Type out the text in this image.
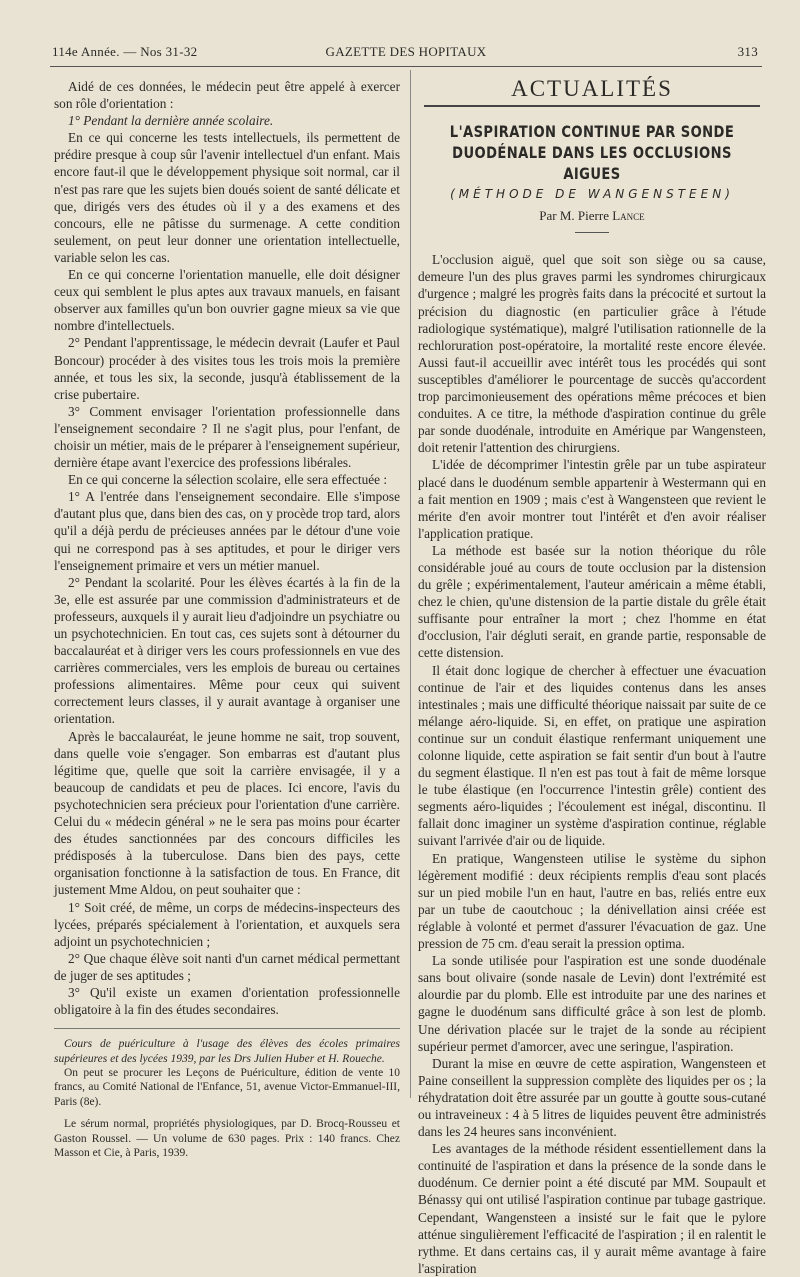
114e Année. — Nos 31-32	GAZETTE DES HOPITAUX	313

Aidé de ces données, le médecin peut être appelé à exercer son rôle d'orientation :

1° Pendant la dernière année scolaire.

En ce qui concerne les tests intellectuels, ils permettent de prédire presque à coup sûr l'avenir intellectuel d'un enfant. Mais encore faut-il que le développement physique soit normal, car il n'est pas rare que les sujets bien doués soient de santé délicate et que, dirigés vers des études où il y a des examens et des concours, elle ne pâtisse du surmenage. A cette condition seulement, on peut leur donner une orientation intellectuelle, variable selon les cas.

En ce qui concerne l'orientation manuelle, elle doit désigner ceux qui semblent le plus aptes aux travaux manuels, en faisant observer aux familles qu'un bon ouvrier gagne mieux sa vie que nombre d'intellectuels.

2° Pendant l'apprentissage, le médecin devrait (Laufer et Paul Boncour) procéder à des visites tous les trois mois la première année, et tous les six, la seconde, jusqu'à établissement de la crise pubertaire.

3° Comment envisager l'orientation professionnelle dans l'enseignement secondaire ? Il ne s'agit plus, pour l'enfant, de choisir un métier, mais de le préparer à l'enseignement supérieur, dernière étape avant l'exercice des professions libérales.

En ce qui concerne la sélection scolaire, elle sera effectuée :

1° A l'entrée dans l'enseignement secondaire. Elle s'impose d'autant plus que, dans bien des cas, on y procède trop tard, alors qu'il a déjà perdu de précieuses années par le détour d'une voie qui ne correspond pas à ses aptitudes, et pour le diriger vers l'enseignement primaire et vers un métier manuel.

2° Pendant la scolarité. Pour les élèves écartés à la fin de la 3e, elle est assurée par une commission d'administrateurs et de professeurs, auxquels il y aurait lieu d'adjoindre un psychiatre ou un psychotechnicien. En tout cas, ces sujets sont à détourner du baccalauréat et à diriger vers les cours professionnels en vue des carrières commerciales, vers les emplois de bureau ou certaines professions alimentaires. Même pour ceux qui suivent correctement leurs classes, il y aurait avantage à organiser une orientation.

Après le baccalauréat, le jeune homme ne sait, trop souvent, dans quelle voie s'engager. Son embarras est d'autant plus légitime que, quelle que soit la carrière envisagée, il y a beaucoup de candidats et peu de places. Ici encore, l'avis du psychotechnicien sera précieux pour l'orientation d'une carrière. Celui du « médecin général » ne le sera pas moins pour écarter des études sanctionnées par des concours difficiles les prédisposés à la tuberculose. Dans bien des pays, cette organisation fonctionne à la satisfaction de tous. En France, dit justement Mme Aldou, on peut souhaiter que :

1° Soit créé, de même, un corps de médecins-inspecteurs des lycées, préparés spécialement à l'orientation, et auxquels sera adjoint un psychotechnicien ;

2° Que chaque élève soit nanti d'un carnet médical permettant de juger de ses aptitudes ;

3° Qu'il existe un examen d'orientation professionnelle obligatoire à la fin des études secondaires.

Cours de puériculture à l'usage des élèves des écoles primaires supérieures et des lycées 1939, par les Drs Julien Huber et H. Roueche.

On peut se procurer les Leçons de Puériculture, édition de vente 10 francs, au Comité National de l'Enfance, 51, avenue Victor-Emmanuel-III, Paris (8e).

Le sérum normal, propriétés physiologiques, par D. Brocq-Rousseu et Gaston Roussel. — Un volume de 630 pages. Prix : 140 francs. Chez Masson et Cie, à Paris, 1939.

ACTUALITÉS
L'ASPIRATION CONTINUE PAR SONDE DUODÉNALE DANS LES OCCLUSIONS AIGUES
(MÉTHODE DE WANGENSTEEN)
Par M. Pierre Lance

L'occlusion aiguë, quel que soit son siège ou sa cause, demeure l'un des plus graves parmi les syndromes chirurgicaux d'urgence ; malgré les progrès faits dans la précocité et surtout la précision du diagnostic (en particulier grâce à l'étude radiologique systématique), malgré l'utilisation rationnelle de la rechloruration post-opératoire, la mortalité reste encore élevée. Aussi faut-il accueillir avec intérêt tous les procédés qui sont susceptibles d'améliorer le pourcentage de succès qu'accordent trop parcimonieusement des opérations même précoces et bien conduites. A ce titre, la méthode d'aspiration continue du grêle par sonde duodénale, introduite en Amérique par Wangensteen, doit retenir l'attention des chirurgiens.

L'idée de décomprimer l'intestin grêle par un tube aspirateur placé dans le duodénum semble appartenir à Westermann qui en a fait mention en 1909 ; mais c'est à Wangensteen que revient le mérite d'en avoir montrer tout l'intérêt et d'en avoir réaliser l'application pratique.

La méthode est basée sur la notion théorique du rôle considérable joué au cours de toute occlusion par la distension du grêle ; expérimentalement, l'auteur américain a même établi, chez le chien, qu'une distension de la partie distale du grêle était suffisante pour entraîner la mort ; chez l'homme en état d'occlusion, l'air dégluti serait, en grande partie, responsable de cette distension.

Il était donc logique de chercher à effectuer une évacuation continue de l'air et des liquides contenus dans les anses intestinales ; mais une difficulté théorique naissait par suite de ce mélange aéro-liquide. Si, en effet, on pratique une aspiration continue sur un conduit élastique renfermant uniquement une colonne liquide, cette aspiration se fait sentir d'un bout à l'autre du segment élastique. Il n'en est pas tout à fait de même lorsque le tube élastique (en l'occurrence l'intestin grêle) contient des segments aéro-liquides ; l'écoulement est inégal, discontinu. Il fallait donc imaginer un système d'aspiration continue, réglable suivant l'arrivée d'air ou de liquide.

En pratique, Wangensteen utilise le système du siphon légèrement modifié : deux récipients remplis d'eau sont placés sur un pied mobile l'un en haut, l'autre en bas, reliés entre eux par un tube de caoutchouc ; la dénivellation ainsi créée est réglable à volonté et permet d'assurer l'évacuation de gaz. Une pression de 75 cm. d'eau serait la pression optima.

La sonde utilisée pour l'aspiration est une sonde duodénale sans bout olivaire (sonde nasale de Levin) dont l'extrémité est alourdie par du plomb. Elle est introduite par une des narines et gagne le duodénum sans difficulté grâce à son lest de plomb. Une dérivation placée sur le trajet de la sonde au récipient supérieur permet d'amorcer, avec une seringue, l'aspiration.

Durant la mise en œuvre de cette aspiration, Wangensteen et Paine conseillent la suppression complète des liquides per os ; la réhydratation doit être assurée par un goutte à goutte sous-cutané ou intraveineux : 4 à 5 litres de liquides peuvent être administrés dans les 24 heures sans inconvénient.

Les avantages de la méthode résident essentiellement dans la continuité de l'aspiration et dans la présence de la sonde dans le duodénum. Ce dernier point a été discuté par MM. Soupault et Bénassy qui ont utilisé l'aspiration continue par tubage gastrique. Cependant, Wangensteen a insisté sur le fait que le pylore atténue singulièrement l'efficacité de l'aspiration ; il en ralentit le rythme. Et dans certains cas, il y aurait même avantage à faire l'aspiration
